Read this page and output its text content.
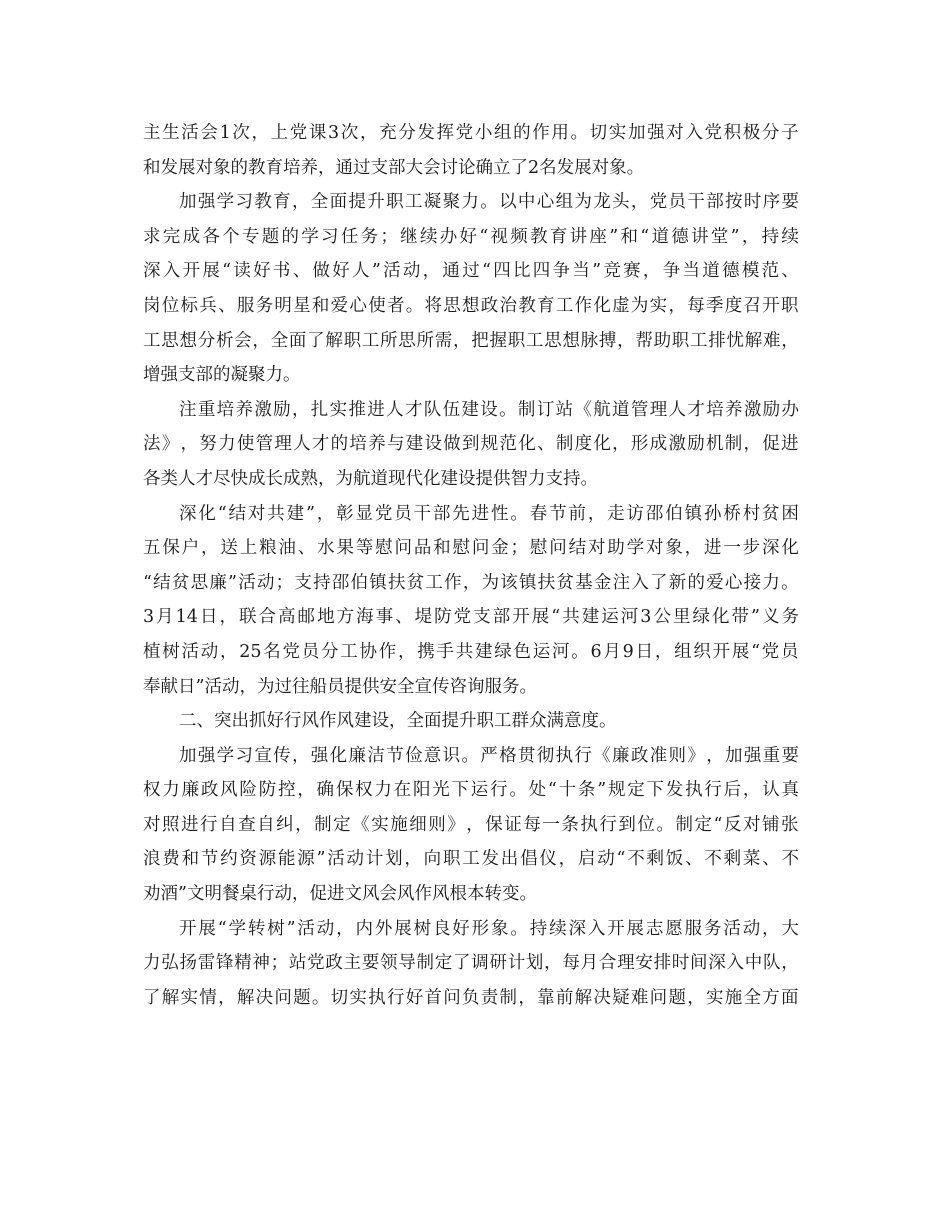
主 生 活 会 1 次 ， 上 党 课 3 次 ， 充 分 发 挥 党 小 组 的 作 用 。 切 实 加 强 对 入 党 积 极 分 子
和发展对象的教育培养，通过支部大会讨论确立了2名发展对象。
加 强 学 习 教 育 ， 全 面 提 升 职 工 凝 聚 力 。 以 中 心 组 为 龙 头 ， 党 员 干 部 按 时 序 要
求 完 成 各 个 专 题 的 学 习 任 务 ； 继 续 办 好 “ 视 频 教 育 讲 座 ” 和 “ 道 德 讲 堂 ” ， 持 续
深 入 开 展 “ 读 好 书 、 做 好 人 ” 活 动 ， 通 过 “ 四 比 四 争 当 ” 竞 赛 ， 争 当 道 德 模 范 、
岗 位 标 兵 、 服 务 明 星 和 爱 心 使 者 。 将 思 想 政 治 教 育 工 作 化 虚 为 实 ， 每 季 度 召 开 职
工 思 想 分 析 会 ， 全 面 了 解 职 工 所 思 所 需 ， 把 握 职 工 思 想 脉 搏 ， 帮 助 职 工 排 忧 解 难 ，
增强支部的凝聚力。
注 重 培 养 激 励 ， 扎 实 推 进 人 才 队 伍 建 设 。 制 订 站 《 航 道 管 理 人 才 培 养 激 励 办
法 》 ， 努 力 使 管 理 人 才 的 培 养 与 建 设 做 到 规 范 化 、 制 度 化 ， 形 成 激 励 机 制 ， 促 进
各类人才尽快成长成熟，为航道现代化建设提供智力支持。
深 化 “ 结 对 共 建 ” ， 彰 显 党 员 干 部 先 进 性 。 春 节 前 ， 走 访 邵 伯 镇 孙 桥 村 贫 困
五 保 户 ， 送 上 粮 油 、 水 果 等 慰 问 品 和 慰 问 金 ； 慰 问 结 对 助 学 对 象 ， 进 一 步 深 化
“ 结 贫 思 廉 ” 活 动 ； 支 持 邵 伯 镇 扶 贫 工 作 ， 为 该 镇 扶 贫 基 金 注 入 了 新 的 爱 心 接 力 。
3 月 14 日 ， 联 合 高 邮 地 方 海 事 、 堤 防 党 支 部 开 展 “ 共 建 运 河 3 公 里 绿 化 带 ” 义 务
植 树 活 动 ， 25 名 党 员 分 工 协 作 ， 携 手 共 建 绿 色 运 河 。 6 月 9 日 ， 组 织 开 展 “ 党 员
奉献日”活动，为过往船员提供安全宣传咨询服务。
二、突出抓好行风作风建设，全面提升职工群众满意度。
加 强 学 习 宣 传 ， 强 化 廉 洁 节 俭 意 识 。 严 格 贯 彻 执 行 《 廉 政 准 则 》 ， 加 强 重 要
权 力 廉 政 风 险 防 控 ， 确 保 权 力 在 阳 光 下 运 行 。 处 “ 十 条 ” 规 定 下 发 执 行 后 ， 认 真
对 照 进 行 自 查 自 纠 ， 制 定 《 实 施 细 则 》 ， 保 证 每 一 条 执 行 到 位 。 制 定 “ 反 对 铺 张
浪 费 和 节 约 资 源 能 源 ” 活 动 计 划 ， 向 职 工 发 出 倡 仪 ， 启 动 “ 不 剩 饭 、 不 剩 菜 、 不
劝酒”文明餐桌行动，促进文风会风作风根本转变。
开 展 “ 学 转 树 ” 活 动 ， 内 外 展 树 良 好 形 象 。 持 续 深 入 开 展 志 愿 服 务 活 动 ， 大
力 弘 扬 雷 锋 精 神 ； 站 党 政 主 要 领 导 制 定 了 调 研 计 划 ， 每 月 合 理 安 排 时 间 深 入 中 队 ，
了 解 实 情 ， 解 决 问 题 。 切 实 执 行 好 首 问 负 责 制 ， 靠 前 解 决 疑 难 问 题 ， 实 施 全 方 面
